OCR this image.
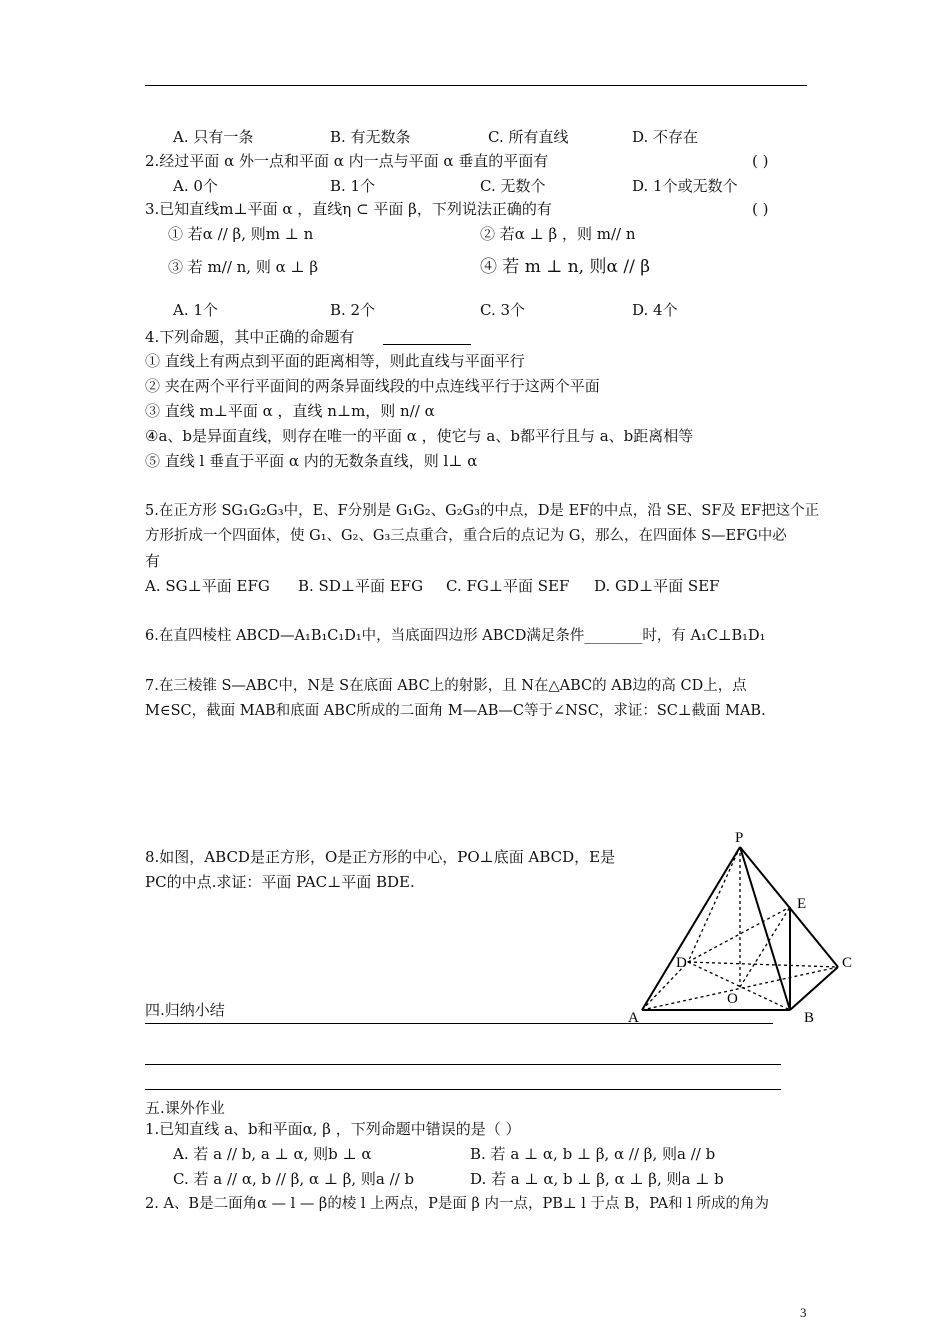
A. 只有一条	B. 有无数条	C. 所有直线	D. 不存在
2.经过平面 α 外一点和平面 α 内一点与平面 α 垂直的平面有	( )
A. 0个	B. 1个	C. 无数个	D. 1个或无数个
3.已知直线m⊥平面 α ，直线η ⊂ 平面 β，下列说法正确的有	( )
① 若α // β, 则m ⊥ n	② 若α ⊥ β ，则 m// n
③ 若 m// n, 则 α ⊥ β	④ 若 m ⊥ n, 则α // β
A. 1个	B. 2个	C. 3个	D. 4个
4.下列命题，其中正确的命题有
① 直线上有两点到平面的距离相等，则此直线与平面平行
② 夹在两个平行平面间的两条异面线段的中点连线平行于这两个平面
③ 直线 m⊥平面 α ，直线 n⊥m，则 n// α
④a、b是异面直线，则存在唯一的平面 α ，使它与 a、b都平行且与 a、b距离相等
⑤ 直线 l 垂直于平面 α 内的无数条直线，则 l⊥ α
5.在正方形 SG₁G₂G₃中，E、F分别是 G₁G₂、G₂G₃的中点，D是 EF的中点，沿 SE、SF及 EF把这个正
方形折成一个四面体，使 G₁、G₂、G₃三点重合，重合后的点记为 G，那么，在四面体 S—EFG中必
有
A. SG⊥平面 EFG B. SD⊥平面 EFG C. FG⊥平面 SEF D. GD⊥平面 SEF
6.在直四棱柱 ABCD—A₁B₁C₁D₁中，当底面四边形 ABCD满足条件________时，有 A₁C⊥B₁D₁
7.在三棱锥 S—ABC中，N是 S在底面 ABC上的射影，且 N在△ABC的 AB边的高 CD上，点
M∈SC，截面 MAB和底面 ABC所成的二面角 M—AB—C等于∠NSC，求证：SC⊥截面 MAB.
8.如图，ABCD是正方形，O是正方形的中心，PO⊥底面 ABCD，E是
PC的中点.求证：平面 PAC⊥平面 BDE.
P
E
C
D
O
A	B
四.归纳小结
五.课外作业
1.已知直线 a、b和平面α, β ，下列命题中错误的是（ ）
A. 若 a // b, a ⊥ α, 则b ⊥ α	B. 若 a ⊥ α, b ⊥ β, α // β, 则a // b
C. 若 a // α, b // β, α ⊥ β, 则a // b	D. 若 a ⊥ α, b ⊥ β, α ⊥ β, 则a ⊥ b
2. A、B是二面角α — l — β的棱 l 上两点，P是面 β 内一点，PB⊥ l 于点 B，PA和 l 所成的角为
3
